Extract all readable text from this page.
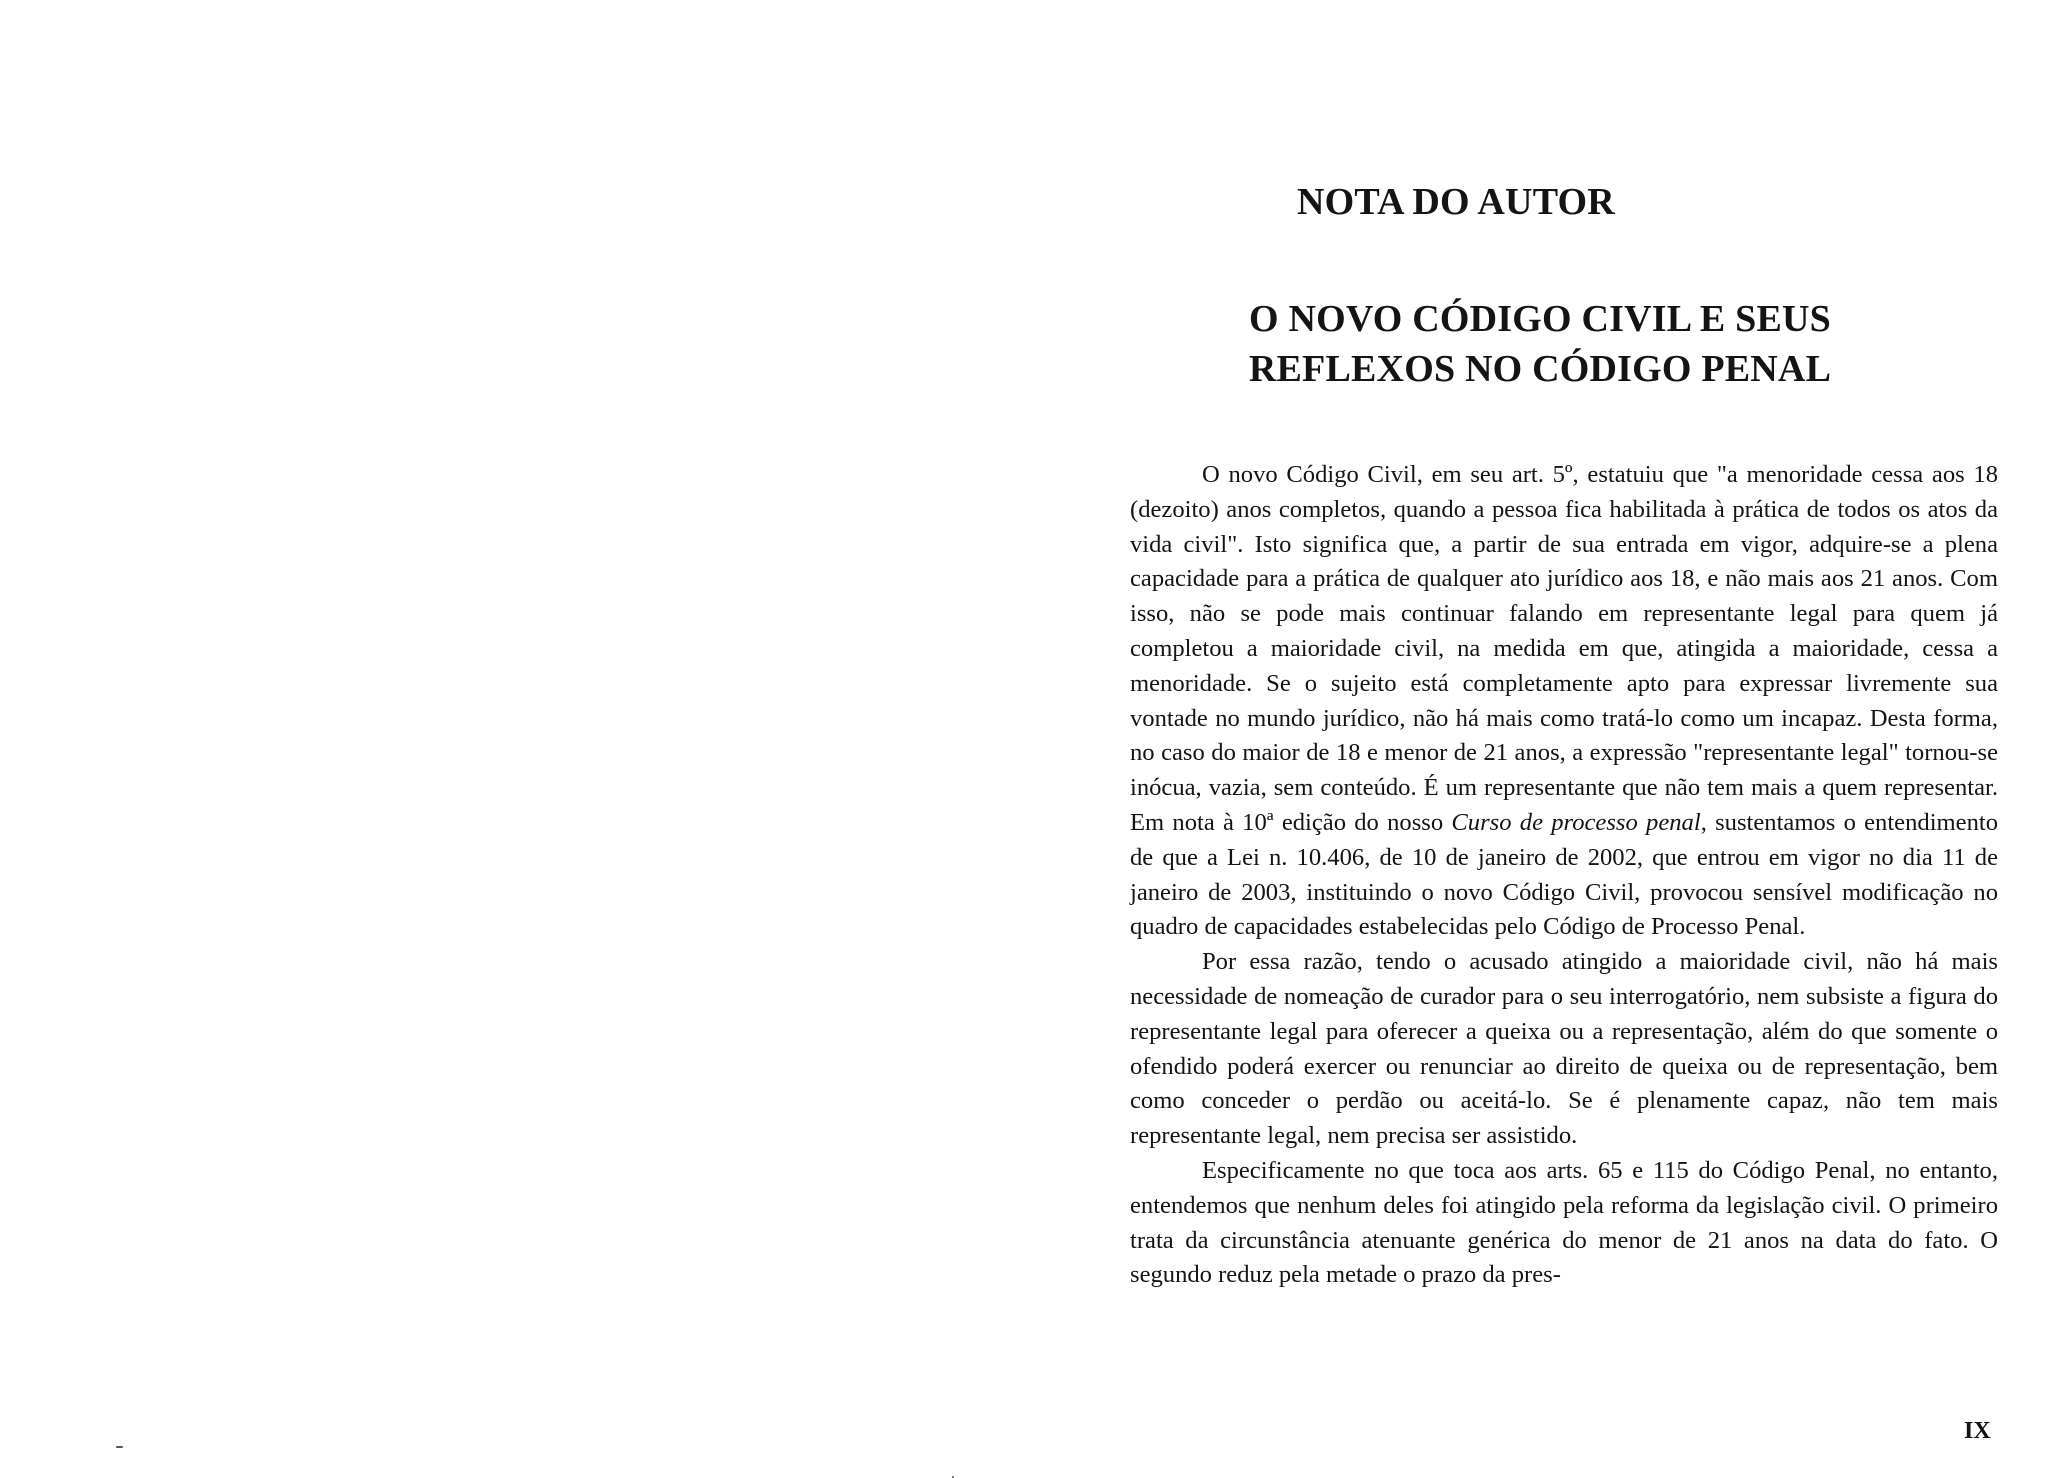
NOTA DO AUTOR
O NOVO CÓDIGO CIVIL E SEUS
REFLEXOS NO CÓDIGO PENAL

O novo Código Civil, em seu art. 5º, estatuiu que "a menoridade cessa aos 18 (dezoito) anos completos, quando a pessoa fica habilitada à prática de todos os atos da vida civil". Isto significa que, a partir de sua entrada em vigor, adquire-se a plena capacidade para a prática de qualquer ato jurídico aos 18, e não mais aos 21 anos. Com isso, não se pode mais continuar falando em representante legal para quem já completou a maioridade civil, na medida em que, atingida a maioridade, cessa a menoridade. Se o sujeito está completamente apto para expressar livremente sua vontade no mundo jurídico, não há mais como tratá-lo como um incapaz. Desta forma, no caso do maior de 18 e menor de 21 anos, a expressão "representante legal" tornou-se inócua, vazia, sem conteúdo. É um representante que não tem mais a quem representar. Em nota à 10ª edição do nosso Curso de processo penal, sustentamos o entendimento de que a Lei n. 10.406, de 10 de janeiro de 2002, que entrou em vigor no dia 11 de janeiro de 2003, instituindo o novo Código Civil, provocou sensível modificação no quadro de capacidades estabelecidas pelo Código de Processo Penal.

Por essa razão, tendo o acusado atingido a maioridade civil, não há mais necessidade de nomeação de curador para o seu interrogatório, nem subsiste a figura do representante legal para oferecer a queixa ou a representação, além do que somente o ofendido poderá exercer ou renunciar ao direito de queixa ou de representação, bem como conceder o perdão ou aceitá-lo. Se é plenamente capaz, não tem mais representante legal, nem precisa ser assistido.

Especificamente no que toca aos arts. 65 e 115 do Código Penal, no entanto, entendemos que nenhum deles foi atingido pela reforma da legislação civil. O primeiro trata da circunstância atenuante genérica do menor de 21 anos na data do fato. O segundo reduz pela metade o prazo da pres-

IX
